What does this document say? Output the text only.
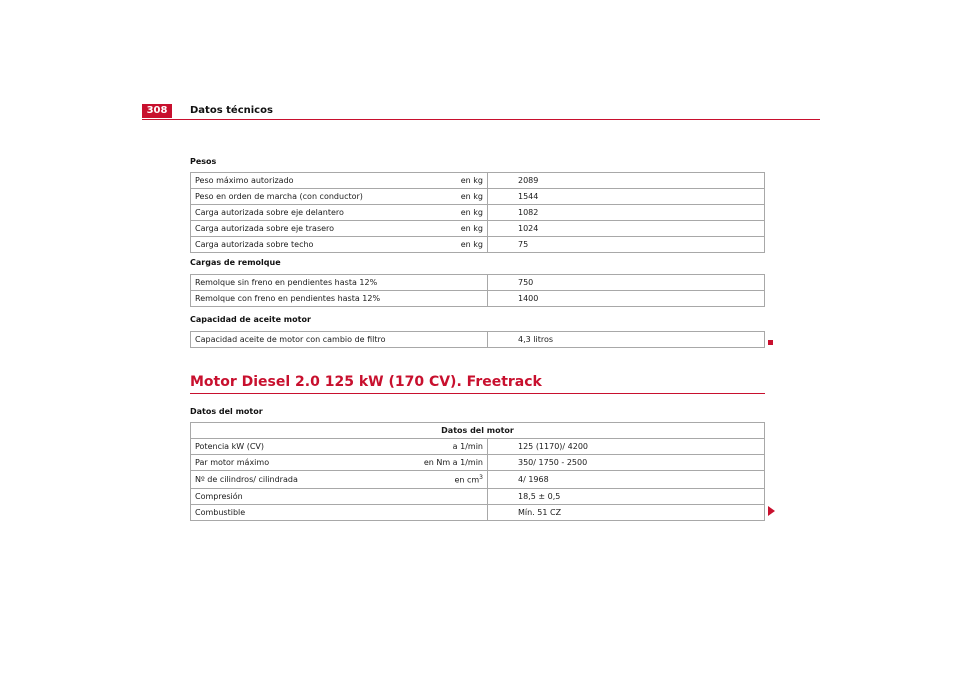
308	Datos técnicos
Pesos
Peso máximo autorizado	en kg	2089
Peso en orden de marcha (con conductor)	en kg	1544
Carga autorizada sobre eje delantero	en kg	1082
Carga autorizada sobre eje trasero	en kg	1024
Carga autorizada sobre techo	en kg	75
Cargas de remolque
Remolque sin freno en pendientes hasta 12%		750
Remolque con freno en pendientes hasta 12%		1400
Capacidad de aceite motor
Capacidad aceite de motor con cambio de filtro		4,3 litros
Motor Diesel 2.0 125 kW (170 CV). Freetrack
Datos del motor
Datos del motor		
Potencia kW (CV)	a 1/min	125 (1170)/ 4200
Par motor máximo	en Nm a 1/min	350/ 1750 - 2500
Nº de cilindros/ cilindrada	en $cm^3$	4/ 1968
Compresión		18,5 ± 0,5
Combustible		Mín. 51 CZ
